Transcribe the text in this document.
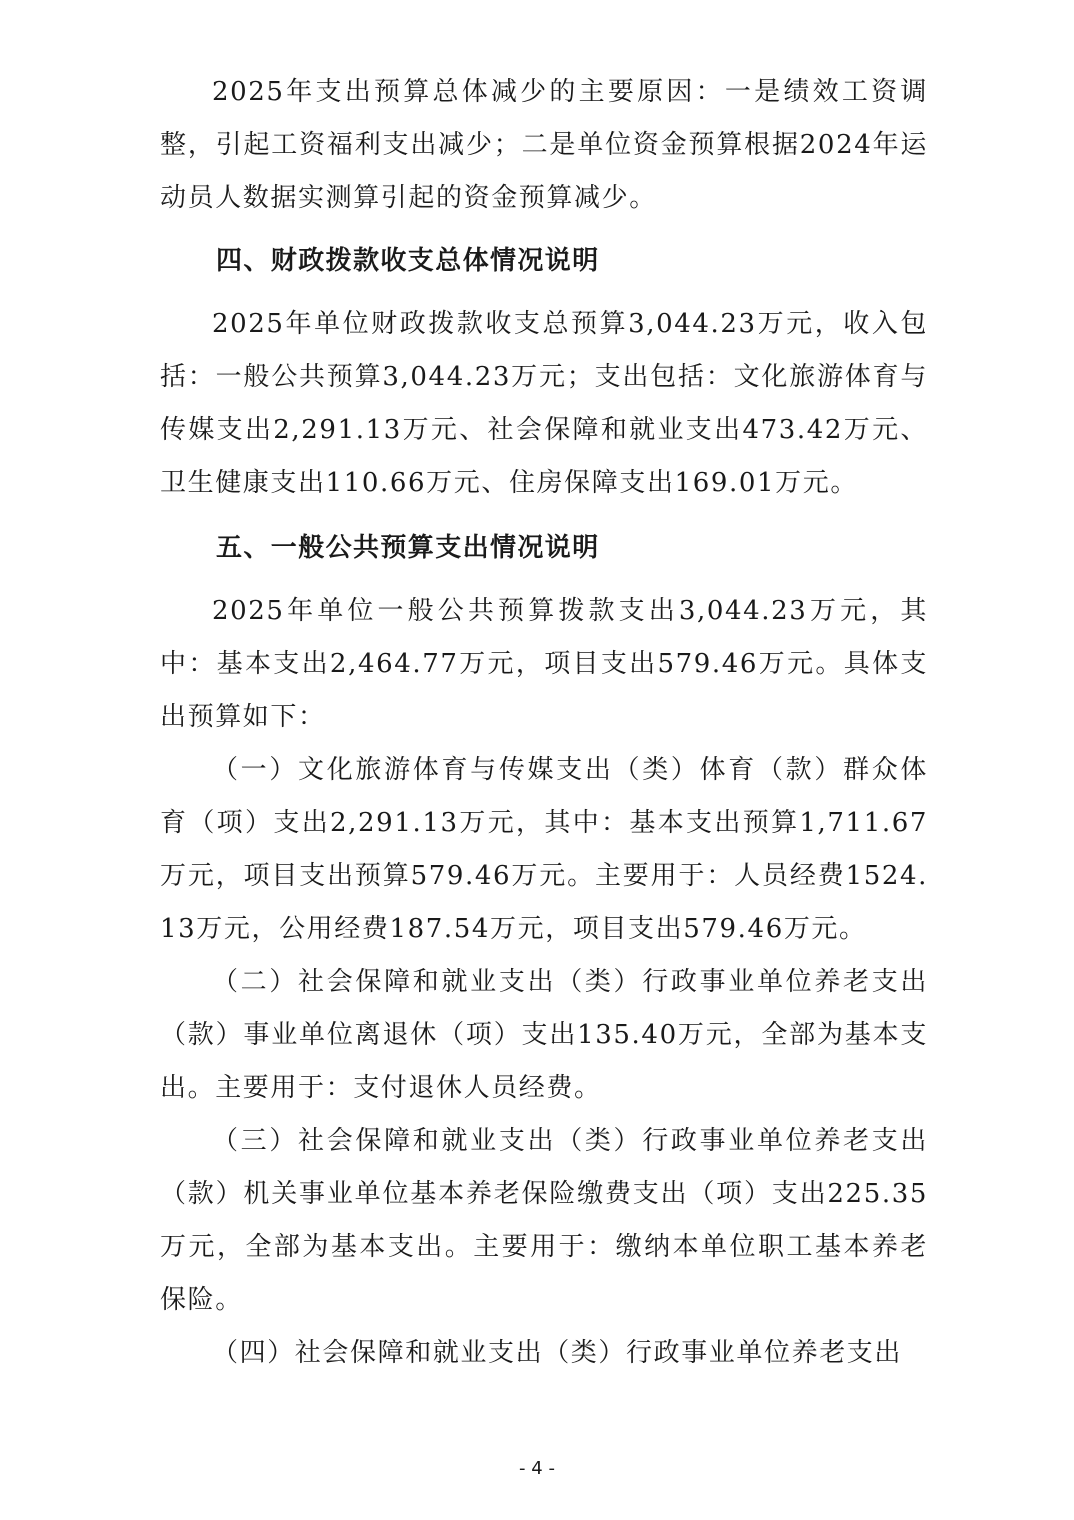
2025年支出预算总体减少的主要原因：一是绩效工资调整，引起工资福利支出减少；二是单位资金预算根据2024年运动员人数据实测算引起的资金预算减少。

四、财政拨款收支总体情况说明

2025年单位财政拨款收支总预算3,044.23万元，收入包括：一般公共预算3,044.23万元；支出包括：文化旅游体育与传媒支出2,291.13万元、社会保障和就业支出473.42万元、卫生健康支出110.66万元、住房保障支出169.01万元。

五、一般公共预算支出情况说明

2025年单位一般公共预算拨款支出3,044.23万元，其中：基本支出2,464.77万元，项目支出579.46万元。具体支出预算如下：

（一）文化旅游体育与传媒支出（类）体育（款）群众体育（项）支出2,291.13万元，其中：基本支出预算1,711.67万元，项目支出预算579.46万元。主要用于：人员经费1524.13万元，公用经费187.54万元，项目支出579.46万元。

（二）社会保障和就业支出（类）行政事业单位养老支出（款）事业单位离退休（项）支出135.40万元，全部为基本支出。主要用于：支付退休人员经费。

（三）社会保障和就业支出（类）行政事业单位养老支出（款）机关事业单位基本养老保险缴费支出（项）支出225.35万元，全部为基本支出。主要用于：缴纳本单位职工基本养老保险。

（四）社会保障和就业支出（类）行政事业单位养老支出

- 4 -
